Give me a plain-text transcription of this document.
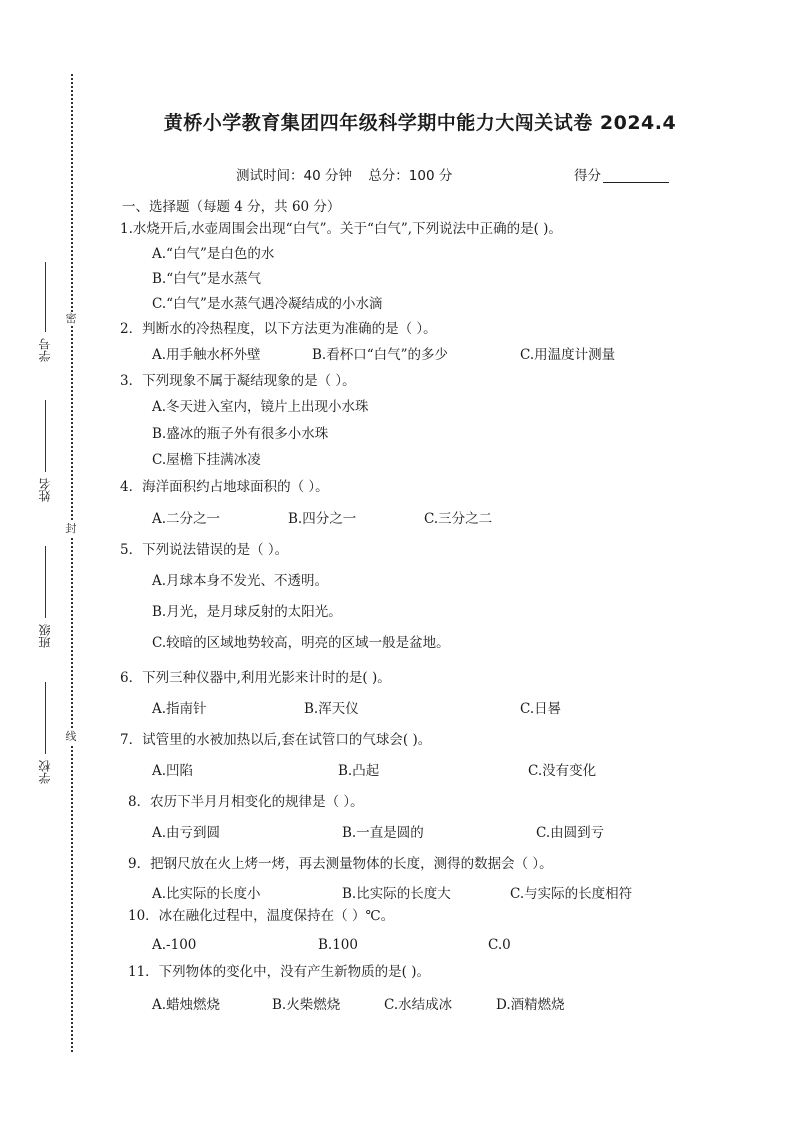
密
封
线
学号
姓名
班级
学校
黄桥小学教育集团四年级科学期中能力大闯关试卷 2024.4
测试时间：40 分钟 总分：100 分	得分
一、选择题（每题 4 分，共 60 分）
1.水烧开后,水壶周围会出现“白气”。关于“白气”,下列说法中正确的是( )。
A.“白气”是白色的水
B.“白气”是水蒸气
C.“白气”是水蒸气遇冷凝结成的小水滴
2．判断水的冷热程度，以下方法更为准确的是（ ）。
A.用手触水杯外壁	B.看杯口“白气”的多少	C.用温度计测量
3．下列现象不属于凝结现象的是（ ）。
A.冬天进入室内，镜片上出现小水珠
B.盛冰的瓶子外有很多小水珠
C.屋檐下挂满冰凌
4．海洋面积约占地球面积的（ ）。
A.二分之一	B.四分之一	C.三分之二
5．下列说法错误的是（ ）。
A.月球本身不发光、不透明。
B.月光，是月球反射的太阳光。
C.较暗的区域地势较高，明亮的区域一般是盆地。
6．下列三种仪器中,利用光影来计时的是( )。
A.指南针	B.浑天仪	C.日晷
7．试管里的水被加热以后,套在试管口的气球会( )。
A.凹陷	B.凸起	C.没有变化
8．农历下半月月相变化的规律是（ ）。
A.由亏到圆	B.一直是圆的	C.由圆到亏
9．把钢尺放在火上烤一烤，再去测量物体的长度，测得的数据会（ ）。
A.比实际的长度小	B.比实际的长度大	C.与实际的长度相符
10．冰在融化过程中，温度保持在（ ）℃。
A.-100	B.100	C.0
11．下列物体的变化中，没有产生新物质的是( )。
A.蜡烛燃烧	B.火柴燃烧	C.水结成冰	D.酒精燃烧
